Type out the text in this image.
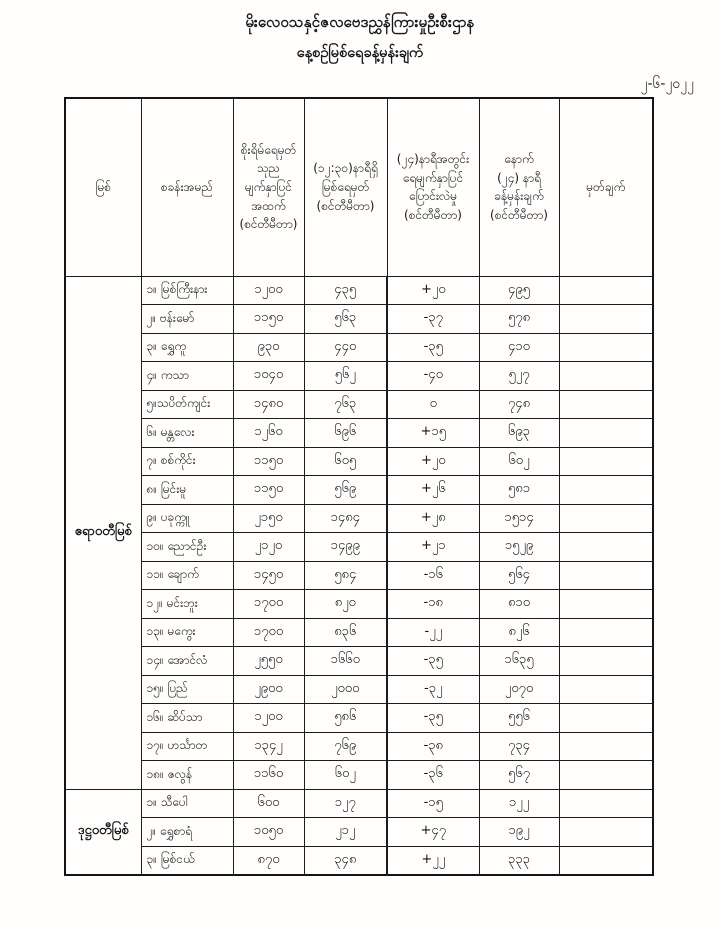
မိုးလေဝသနှင့်ဇလဗေဒညွှန်ကြားမှုဦးစီးဌာန
နေ့စဉ်မြစ်ရေခန့်မှန်းချက်
၂-၆-၂၀၂၂
မြစ်	စခန်းအမည်	စိုးရိမ်ရေမှတ်
သုည
မျက်နှာပြင်
အထက်
(စင်တီမီတာ)	(၁၂:၃၀)နာရီရှိ
မြစ်ရေမှတ်
(စင်တီမီတာ)	(၂၄)နာရီအတွင်း
ရေမျက်နှာပြင်
ပြောင်းလဲမှု
(စင်တီမီတာ)	နောက်
(၂၄) နာရီ
ခန့်မှန်းချက်
(စင်တီမီတာ)	မှတ်ချက်
ဧရာဝတီမြစ်	၁။ မြစ်ကြီးနား	၁၂၀၀	၄၃၅	+၂၀	၄၉၅	
	၂။ ဗန်းမော်	၁၁၅၀	၅၆၃	-၃၇	၅၇၈	
	၃။ ရွှေကူ	၉၃၀	၄၄၀	-၃၅	၄၁၀	
	၄။ ကသာ	၁၀၄၀	၅၆၂	-၄၀	၅၂၇	
	၅။သပိတ်ကျင်း	၁၄၈၀	၇၆၃	၀	၇၄၈	
	၆။ မန္တလေး	၁၂၆၀	၆၉၆	+၁၅	၆၉၃	
	၇။ စစ်ကိုင်း	၁၁၅၀	၆၀၅	+၂၀	၆၀၂	
	၈။ မြင်းမူ	၁၁၅၀	၅၆၉	+၂၆	၅၈၁	
	၉။ ပခုက္ကူ	၂၁၅၀	၁၄၈၄	+၂၈	၁၅၁၄	
	၁၀။ ညောင်ဦး	၂၁၂၀	၁၄၉၉	+၂၁	၁၅၂၉	
	၁၁။ ချောက်	၁၄၅၀	၅၈၄	-၁၆	၅၆၄	
	၁၂။ မင်းဘူး	၁၇၀၀	၈၂၀	-၁၈	၈၁၀	
	၁၃။ မကွေး	၁၇၀၀	၈၃၆	-၂၂	၈၂၆	
	၁၄။ အောင်လံ	၂၅၅၀	၁၆၆၀	-၃၅	၁၆၃၅	
	၁၅။ ပြည်	၂၉၀၀	၂၀၀၀	-၃၂	၂၀၇၀	
	၁၆။ ဆိပ်သာ	၁၂၀၀	၅၈၆	-၃၅	၅၅၆	
	၁၇။ ဟင်္သာတ	၁၃၄၂	၇၆၉	-၃၈	၇၃၄	
	၁၈။ ဇလွန်	၁၁၆၀	၆၀၂	-၃၆	၅၆၇	
ဒုဋ္ဌဝတီမြစ်	၁။ သီပေါ	၆၀၀	၁၂၇	-၁၅	၁၂၂	
	၂။ ရွှေစာရံ	၁၀၅၀	၂၁၂	+၄၇	၁၉၂	
	၃။ မြစ်ငယ်	၈၇၀	၃၄၈	+၂၂	၃၃၃	
